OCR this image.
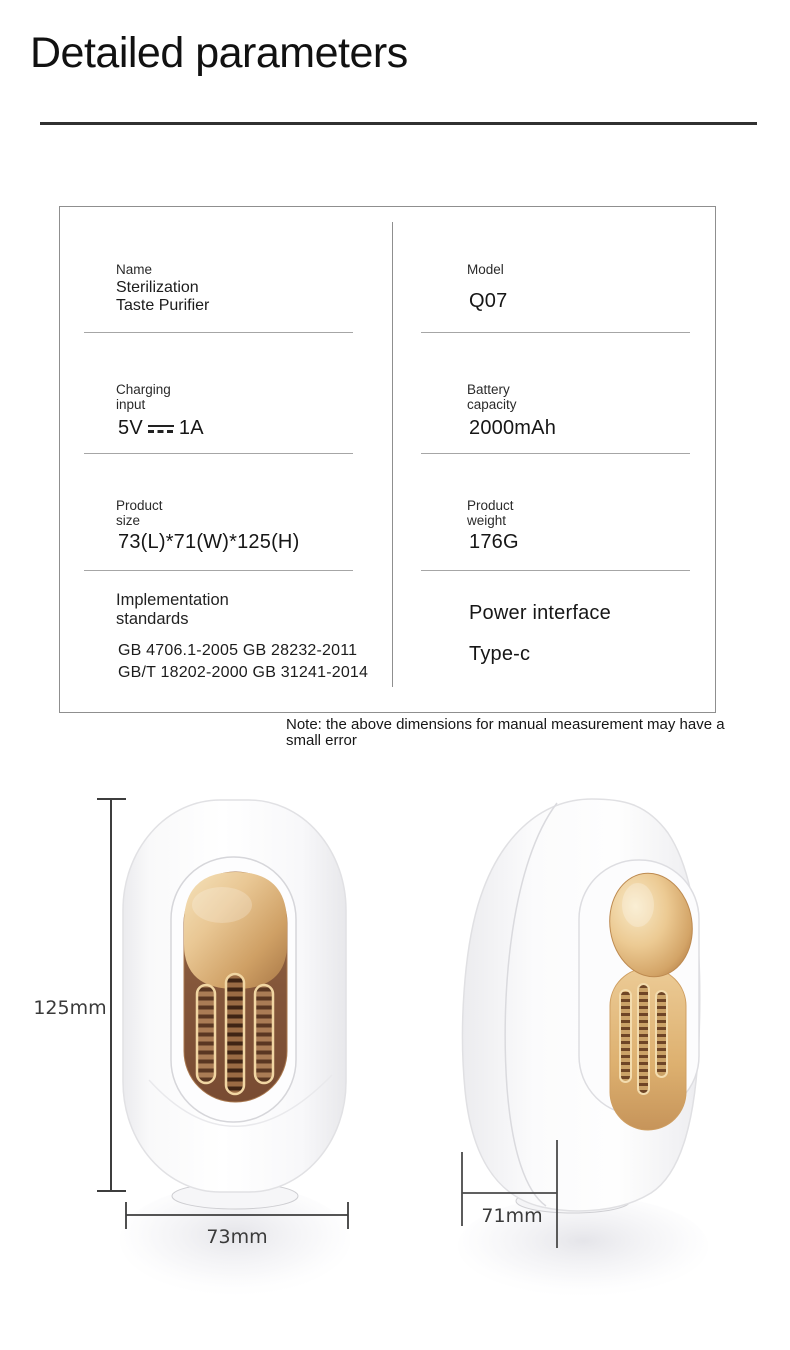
Detailed parameters
Name
Sterilization
Taste Purifier
Model
Q07
Charging
input
5V 1A
Battery
capacity
2000mAh
Product
size
73(L)*71(W)*125(H)
Product
weight
176G
Implementation
standards
GB 4706.1-2005 GB 28232-2011
GB/T 18202-2000 GB 31241-2014
Power interface
Type-c
Note: the above dimensions for manual measurement may have a small error
125mm
73mm
71mm
